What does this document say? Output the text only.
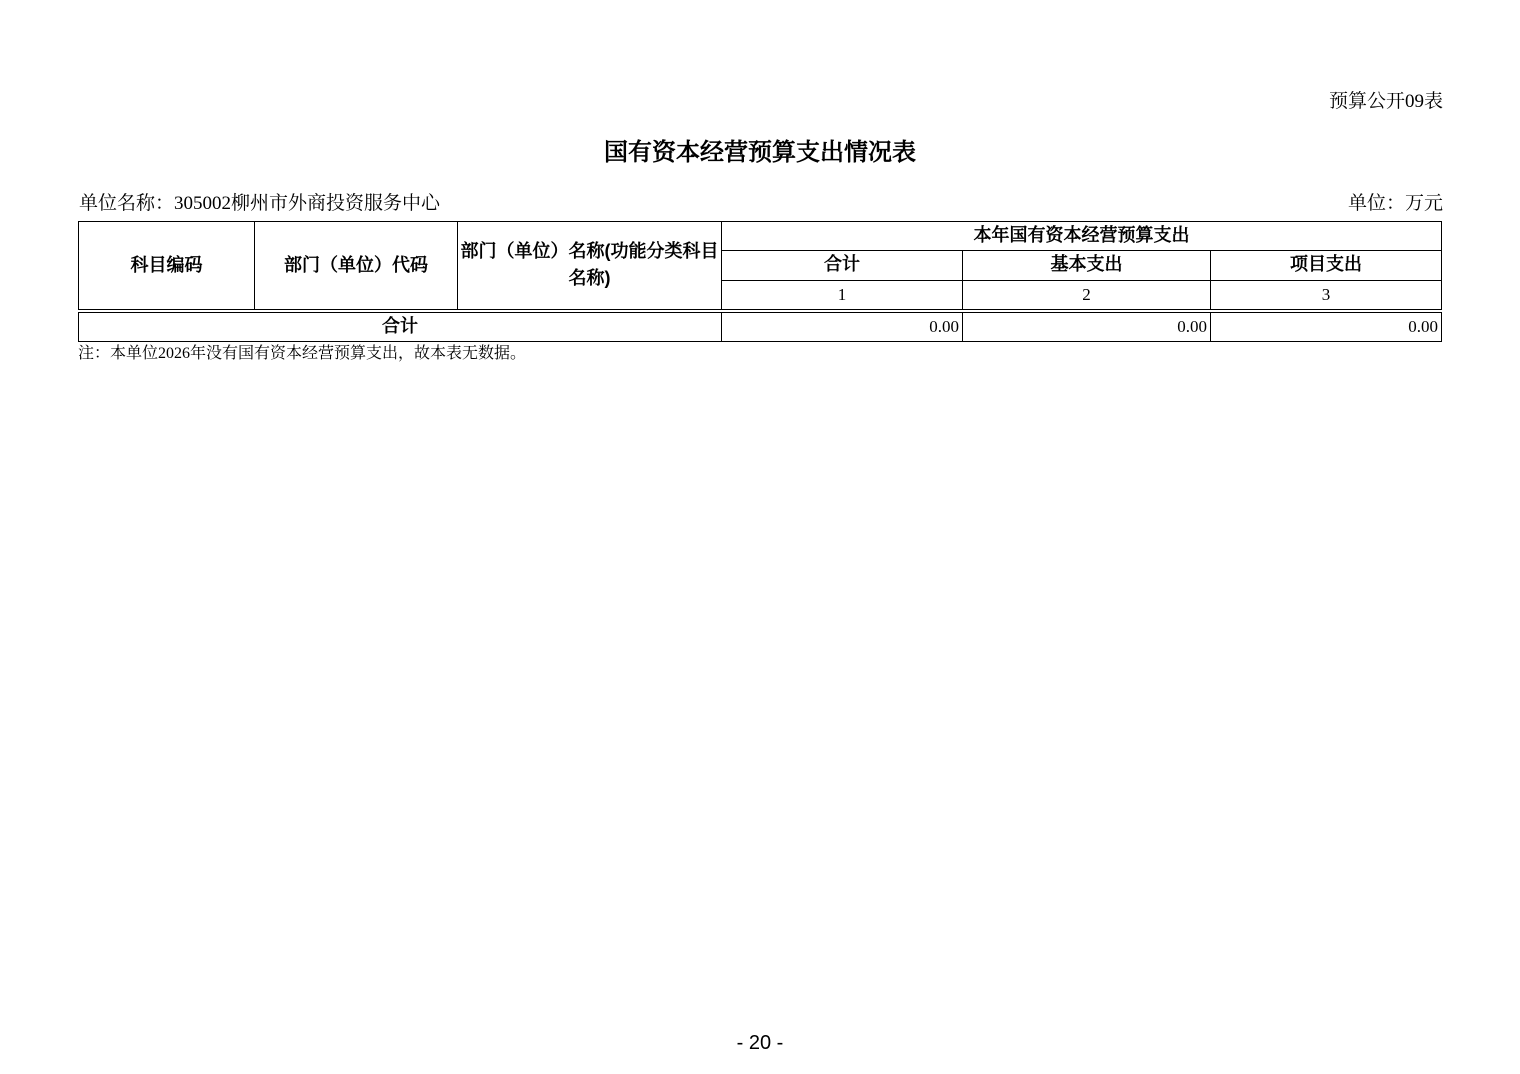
预算公开09表
国有资本经营预算支出情况表
单位名称：305002柳州市外商投资服务中心	单位：万元
科目编码	部门（单位）代码	部门（单位）名称(功能分类科目名称)	本年国有资本经营预算支出		
			合计	基本支出	项目支出
			1	2	3
合计			0.00	0.00	0.00
注：本单位2026年没有国有资本经营预算支出，故本表无数据。
- 20 -
